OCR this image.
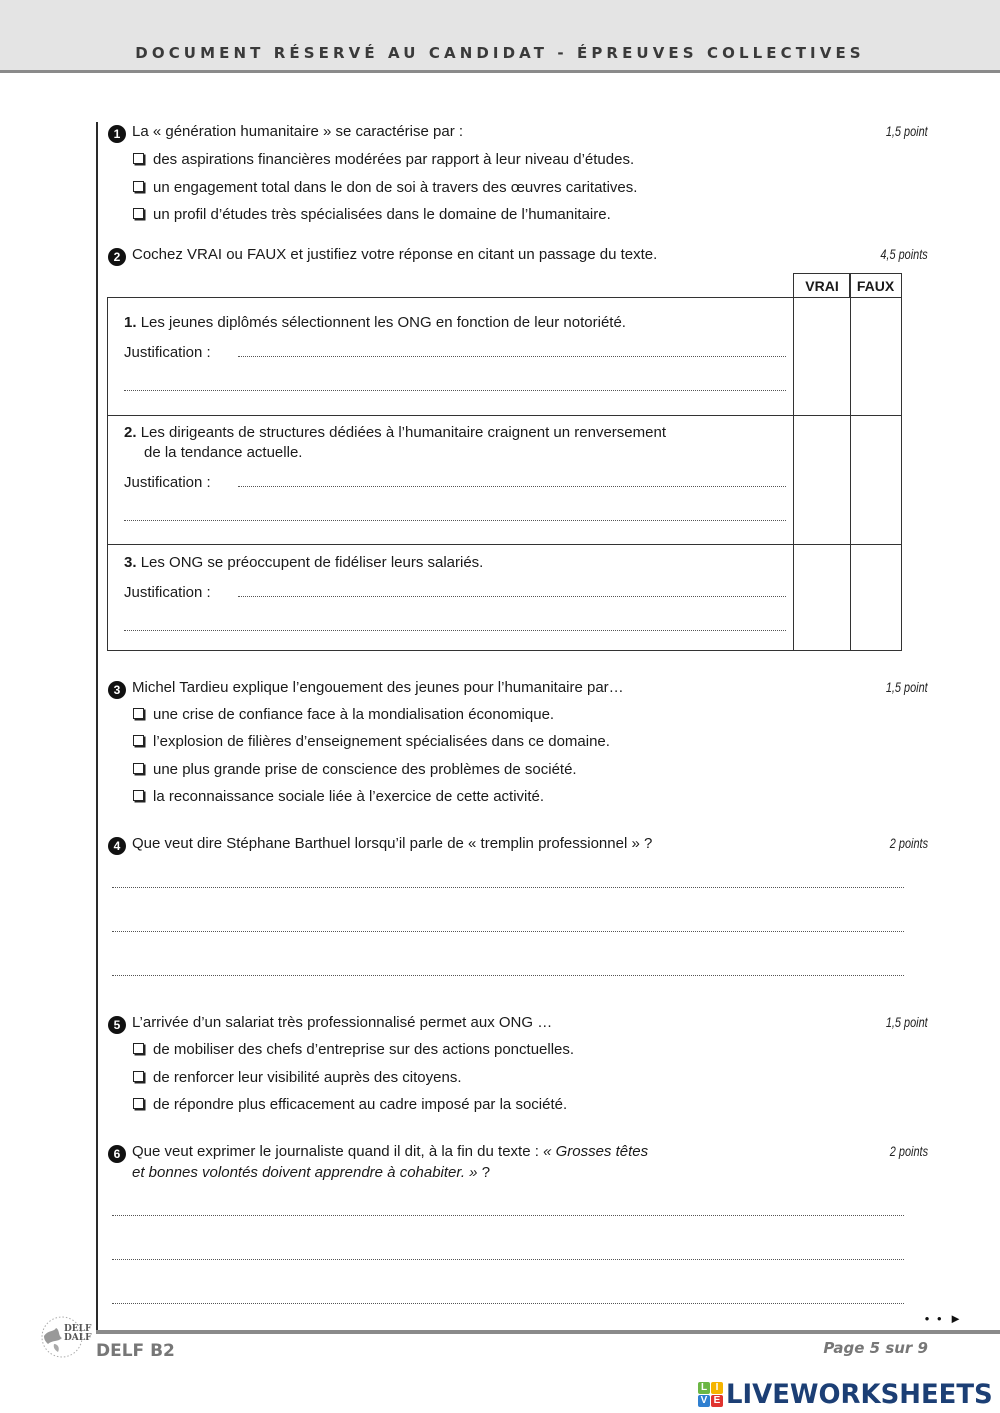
DOCUMENT RÉSERVÉ AU CANDIDAT - ÉPREUVES COLLECTIVES
1 La « génération humanitaire » se caractérise par :	1,5 point
des aspirations financières modérées par rapport à leur niveau d’études.
un engagement total dans le don de soi à travers des œuvres caritatives.
un profil d’études très spécialisées dans le domaine de l’humanitaire.
2 Cochez VRAI ou FAUX et justifiez votre réponse en citant un passage du texte.	4,5 points
VRAI	FAUX
1. Les jeunes diplômés sélectionnent les ONG en fonction de leur notoriété.
Justification :
2. Les dirigeants de structures dédiées à l’humanitaire craignent un renversement
de la tendance actuelle.
Justification :
3. Les ONG se préoccupent de fidéliser leurs salariés.
Justification :
3 Michel Tardieu explique l’engouement des jeunes pour l’humanitaire par…	1,5 point
une crise de confiance face à la mondialisation économique.
l’explosion de filières d’enseignement spécialisées dans ce domaine.
une plus grande prise de conscience des problèmes de société.
la reconnaissance sociale liée à l’exercice de cette activité.
4 Que veut dire Stéphane Barthuel lorsqu’il parle de « tremplin professionnel » ?	2 points
5 L’arrivée d’un salariat très professionnalisé permet aux ONG …	1,5 point
de mobiliser des chefs d’entreprise sur des actions ponctuelles.
de renforcer leur visibilité auprès des citoyens.
de répondre plus efficacement au cadre imposé par la société.
6 Que veut exprimer le journaliste quand il dit, à la fin du texte : « Grosses têtes
et bonnes volontés doivent apprendre à cohabiter. » ?
2 points
• • ►
DELF
DALF
DELF B2	Page 5 sur 9
L I
V E LIVEWORKSHEETS
